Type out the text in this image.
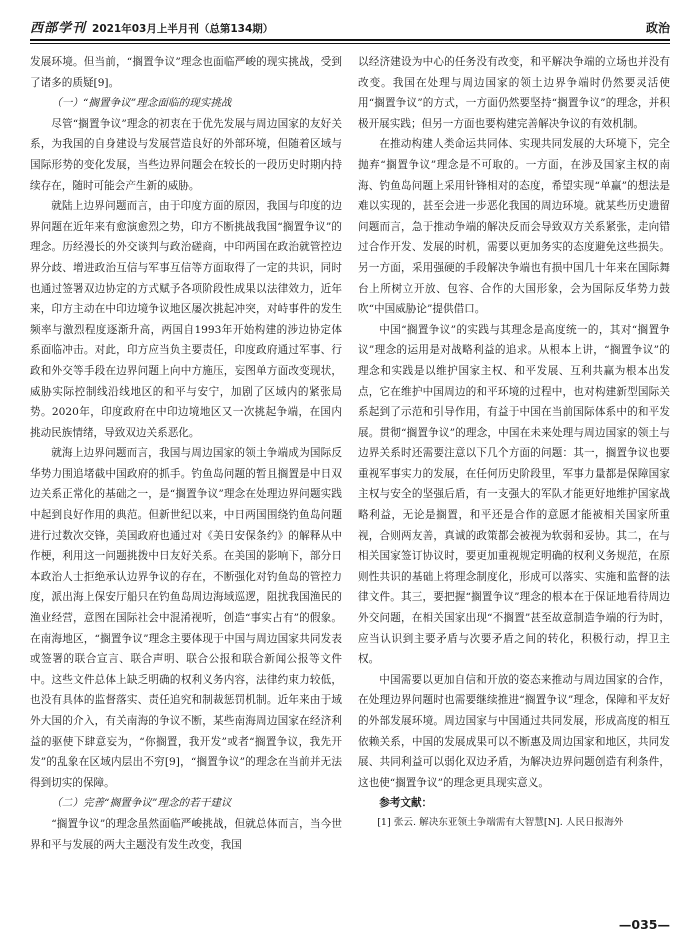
西部学刊 2021年03月上半月刊（总第134期）	政治

发展环境。但当前，“搁置争议”理念也面临严峻的现实挑战，受到了诸多的质疑[9]。

（一）“搁置争议”理念面临的现实挑战

尽管“搁置争议”理念的初衷在于优先发展与周边国家的友好关系，为我国的自身建设与发展营造良好的外部环境，但随着区域与国际形势的变化发展，当些边界问题会在较长的一段历史时期内持续存在，随时可能会产生新的威胁。

就陆上边界问题而言，由于印度方面的原因，我国与印度的边界问题在近年来有愈演愈烈之势，印方不断挑战我国“搁置争议”的理念。历经漫长的外交谈判与政治磋商，中印两国在政治就管控边界分歧、增进政治互信与军事互信等方面取得了一定的共识，同时也通过签署双边协定的方式赋予各项阶段性成果以法律效力，近年来，印方主动在中印边境争议地区屡次挑起冲突，对峙事件的发生频率与激烈程度逐渐升高，两国自1993年开始构建的涉边协定体系面临冲击。对此，印方应当负主要责任，印度政府通过军事、行政和外交等手段在边界问题上向中方施压，妄图单方面改变现状，威胁实际控制线沿线地区的和平与安宁，加剧了区域内的紧张局势。2020年，印度政府在中印边境地区又一次挑起争端，在国内挑动民族情绪，导致双边关系恶化。

就海上边界问题而言，我国与周边国家的领土争端成为国际反华势力围追堵截中国政府的抓手。钓鱼岛问题的暂且搁置是中日双边关系正常化的基础之一，是“搁置争议”理念在处理边界问题实践中起到良好作用的典范。但新世纪以来，中日两国围绕钓鱼岛问题进行过数次交锋，美国政府也通过对《美日安保条约》的解释从中作梗，利用这一问题挑拨中日友好关系。在美国的影响下，部分日本政治人士拒绝承认边界争议的存在，不断强化对钓鱼岛的管控力度，派出海上保安厅船只在钓鱼岛周边海域巡逻，阻扰我国渔民的渔业经营，意图在国际社会中混淆视听，创造“事实占有”的假象。在南海地区，“搁置争议”理念主要体现于中国与周边国家共同发表或签署的联合宣言、联合声明、联合公报和联合新闻公报等文件中。这些文件总体上缺乏明确的权利义务内容，法律约束力较低，也没有具体的监督落实、责任追究和制裁惩罚机制。近年来由于域外大国的介入，有关南海的争议不断，某些南海周边国家在经济利益的驱使下肆意妄为，“你搁置，我开发”或者“搁置争议，我先开发”的乱象在区域内层出不穷[9]，“搁置争议”的理念在当前并无法得到切实的保障。

（二）完善“搁置争议”理念的若干建议

“搁置争议”的理念虽然面临严峻挑战，但就总体而言，当今世界和平与发展的两大主题没有发生改变，我国

以经济建设为中心的任务没有改变，和平解决争端的立场也并没有改变。我国在处理与周边国家的领土边界争端时仍然要灵活使用“搁置争议”的方式，一方面仍然要坚持“搁置争议”的理念，并积极开展实践；但另一方面也要构建完善解决争议的有效机制。

在推动构建人类命运共同体、实现共同发展的大环境下，完全抛弃“搁置争议”理念是不可取的。一方面，在涉及国家主权的南海、钓鱼岛问题上采用针锋相对的态度，希望实现“单赢”的想法是难以实现的，甚至会进一步恶化我国的周边环境。就某些历史遗留问题而言，急于推动争端的解决反而会导致双方关系紧张，走向错过合作开发、发展的时机，需要以更加务实的态度避免这些损失。另一方面，采用强硬的手段解决争端也有损中国几十年来在国际舞台上所树立开放、包容、合作的大国形象，会为国际反华势力鼓吹“中国威胁论”提供借口。

中国“搁置争议”的实践与其理念是高度统一的，其对“搁置争议”理念的运用是对战略利益的追求。从根本上讲，“搁置争议”的理念和实践是以维护国家主权、和平发展、互利共赢为根本出发点，它在维护中国周边的和平环境的过程中，也对构建新型国际关系起到了示范和引导作用，有益于中国在当前国际体系中的和平发展。贯彻“搁置争议”的理念，中国在未来处理与周边国家的领土与边界关系时还需要注意以下几个方面的问题：其一，搁置争议也要重视军事实力的发展，在任何历史阶段里，军事力量都是保障国家主权与安全的坚强后盾，有一支强大的军队才能更好地维护国家战略利益，无论是搁置，和平还是合作的意愿才能被相关国家所重视，合则两友善，真诚的政策都会被视为软弱和妥协。其二，在与相关国家签订协议时，要更加重视规定明确的权利义务规范，在原则性共识的基础上将理念制度化，形成可以落实、实施和监督的法律文件。其三，要把握“搁置争议”理念的根本在于保证地看待周边外交问题，在相关国家出现“不搁置”甚至故意制造争端的行为时，应当认识到主要矛盾与次要矛盾之间的转化，积极行动，捍卫主权。

中国需要以更加自信和开放的姿态来推动与周边国家的合作，在处理边界问题时也需要继续推进“搁置争议”理念，保障和平友好的外部发展环境。周边国家与中国通过共同发展，形成高度的相互依赖关系，中国的发展成果可以不断惠及周边国家和地区，共同发展、共同利益可以弱化双边矛盾，为解决边界问题创造有利条件，这也使“搁置争议”的理念更具现实意义。

参考文献：

[1] 张云. 解决东亚领土争端需有大智慧[N]. 人民日报海外

—035—
